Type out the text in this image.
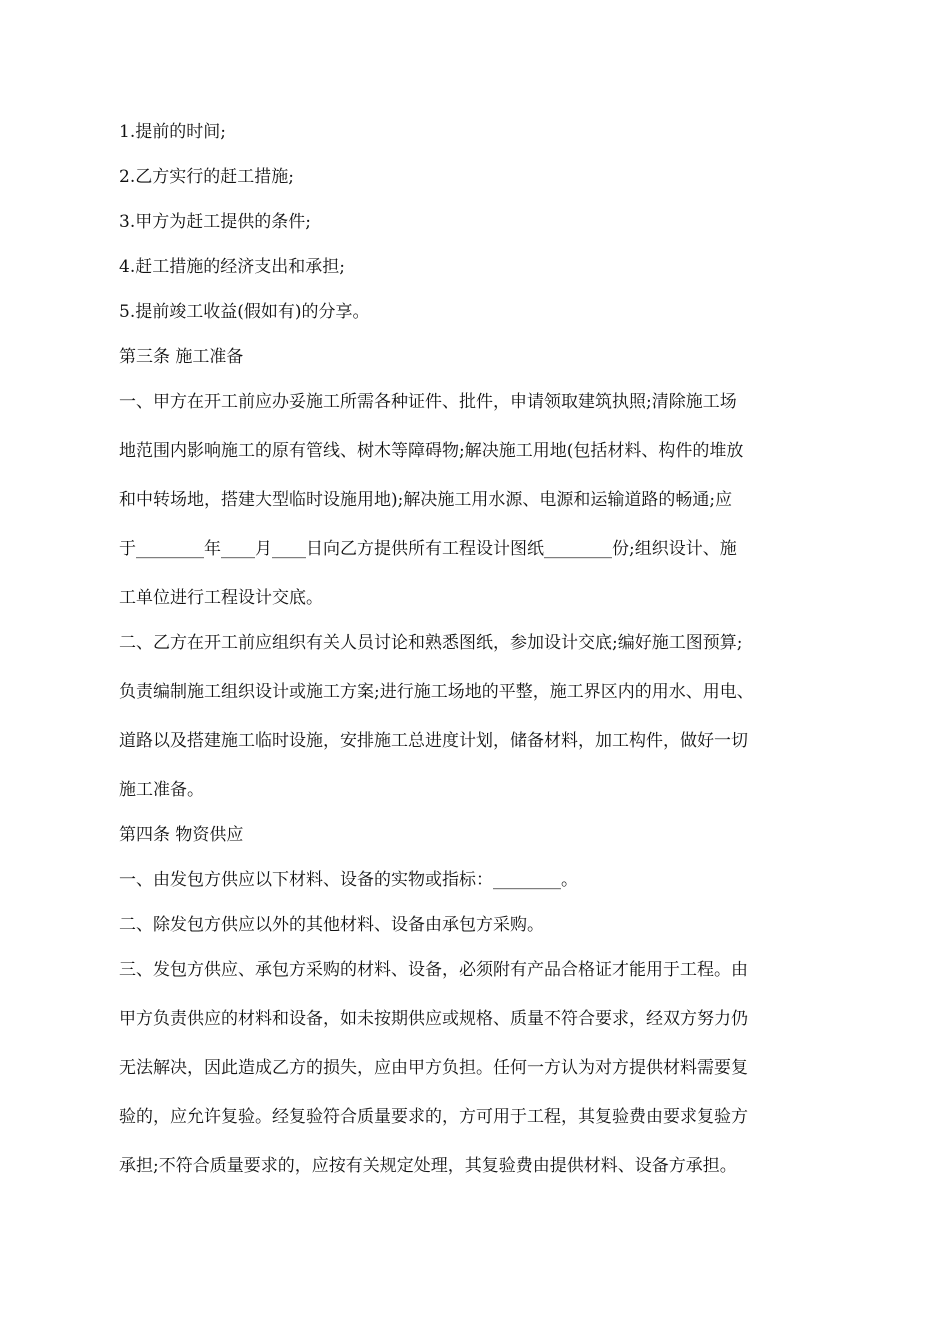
1.提前的时间;
2.乙方实行的赶工措施;
3.甲方为赶工提供的条件;
4.赶工措施的经济支出和承担;
5.提前竣工收益(假如有)的分享。
第三条 施工准备
一、甲方在开工前应办妥施工所需各种证件、批件，申请领取建筑执照;清除施工场
地范围内影响施工的原有管线、树木等障碍物;解决施工用地(包括材料、构件的堆放
和中转场地，搭建大型临时设施用地);解决施工用水源、电源和运输道路的畅通;应
于________年____月____日向乙方提供所有工程设计图纸________份;组织设计、施
工单位进行工程设计交底。
二、乙方在开工前应组织有关人员讨论和熟悉图纸，参加设计交底;编好施工图预算;
负责编制施工组织设计或施工方案;进行施工场地的平整，施工界区内的用水、用电、
道路以及搭建施工临时设施，安排施工总进度计划，储备材料，加工构件，做好一切
施工准备。
第四条 物资供应
一、由发包方供应以下材料、设备的实物或指标：________。
二、除发包方供应以外的其他材料、设备由承包方采购。
三、发包方供应、承包方采购的材料、设备，必须附有产品合格证才能用于工程。由
甲方负责供应的材料和设备，如未按期供应或规格、质量不符合要求，经双方努力仍
无法解决，因此造成乙方的损失，应由甲方负担。任何一方认为对方提供材料需要复
验的，应允许复验。经复验符合质量要求的，方可用于工程，其复验费由要求复验方
承担;不符合质量要求的，应按有关规定处理，其复验费由提供材料、设备方承担。
